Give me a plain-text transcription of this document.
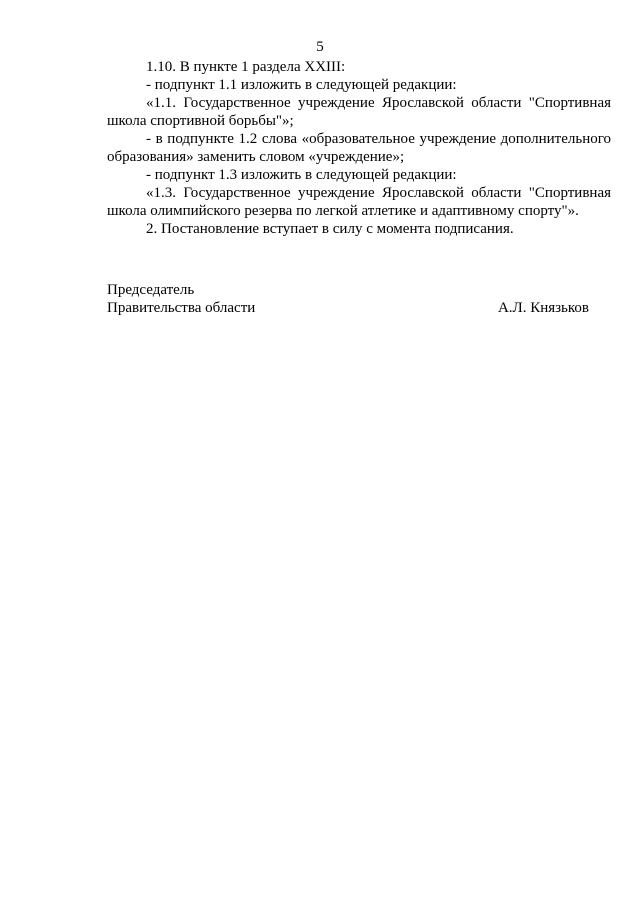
5

1.10. В пункте 1 раздела XXIII:

- подпункт 1.1 изложить в следующей редакции:

«1.1. Государственное учреждение Ярославской области "Спортивная школа спортивной борьбы"»;

- в подпункте 1.2 слова «образовательное учреждение дополнительного образования» заменить словом «учреждение»;

- подпункт 1.3 изложить в следующей редакции:

«1.3. Государственное учреждение Ярославской области "Спортивная школа олимпийского резерва по легкой атлетике и адаптивному спорту"».

2. Постановление вступает в силу с момента подписания.

Председатель
Правительства области	А.Л. Князьков
